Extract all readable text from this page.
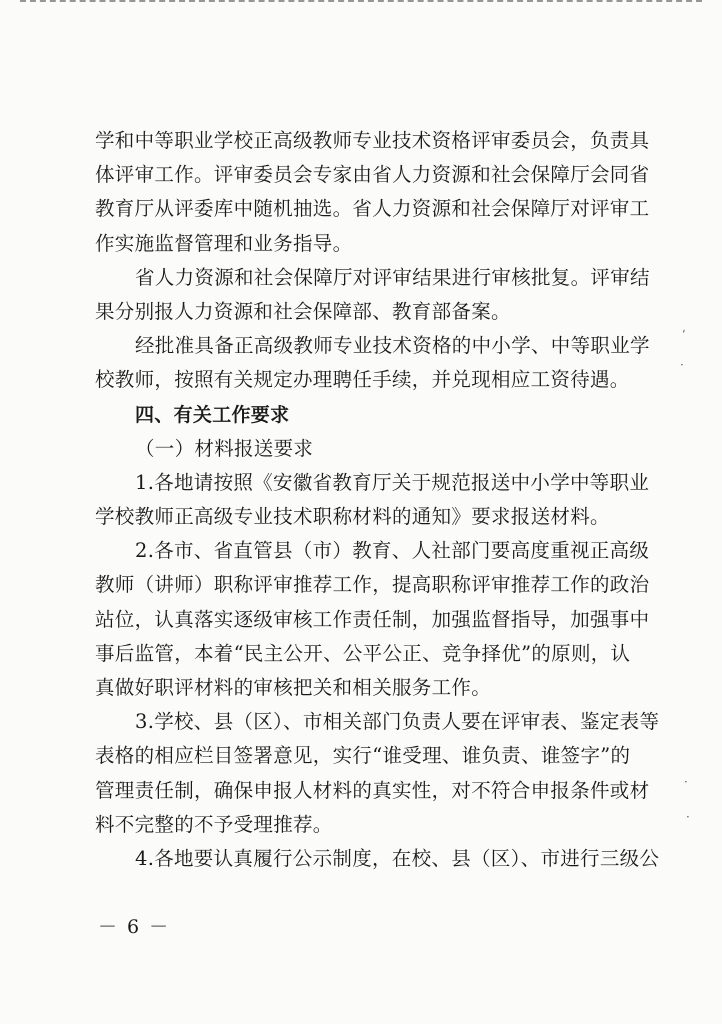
学和中等职业学校正高级教师专业技术资格评审委员会，负责具
体评审工作。评审委员会专家由省人力资源和社会保障厅会同省
教育厅从评委库中随机抽选。省人力资源和社会保障厅对评审工
作实施监督管理和业务指导。
省人力资源和社会保障厅对评审结果进行审核批复。评审结
果分别报人力资源和社会保障部、教育部备案。
经批准具备正高级教师专业技术资格的中小学、中等职业学
校教师，按照有关规定办理聘任手续，并兑现相应工资待遇。
四、有关工作要求
（一）材料报送要求
1.各地请按照《安徽省教育厅关于规范报送中小学中等职业
学校教师正高级专业技术职称材料的通知》要求报送材料。
2.各市、省直管县（市）教育、人社部门要高度重视正高级
教师（讲师）职称评审推荐工作，提高职称评审推荐工作的政治
站位，认真落实逐级审核工作责任制，加强监督指导，加强事中
事后监管，本着“民主公开、公平公正、竞争择优”的原则，认
真做好职评材料的审核把关和相关服务工作。
3.学校、县（区）、市相关部门负责人要在评审表、鉴定表等
表格的相应栏目签署意见，实行“谁受理、谁负责、谁签字”的
管理责任制，确保申报人材料的真实性，对不符合申报条件或材
料不完整的不予受理推荐。
4.各地要认真履行公示制度，在校、县（区）、市进行三级公
－ 6 －
⸲
·
·
·
